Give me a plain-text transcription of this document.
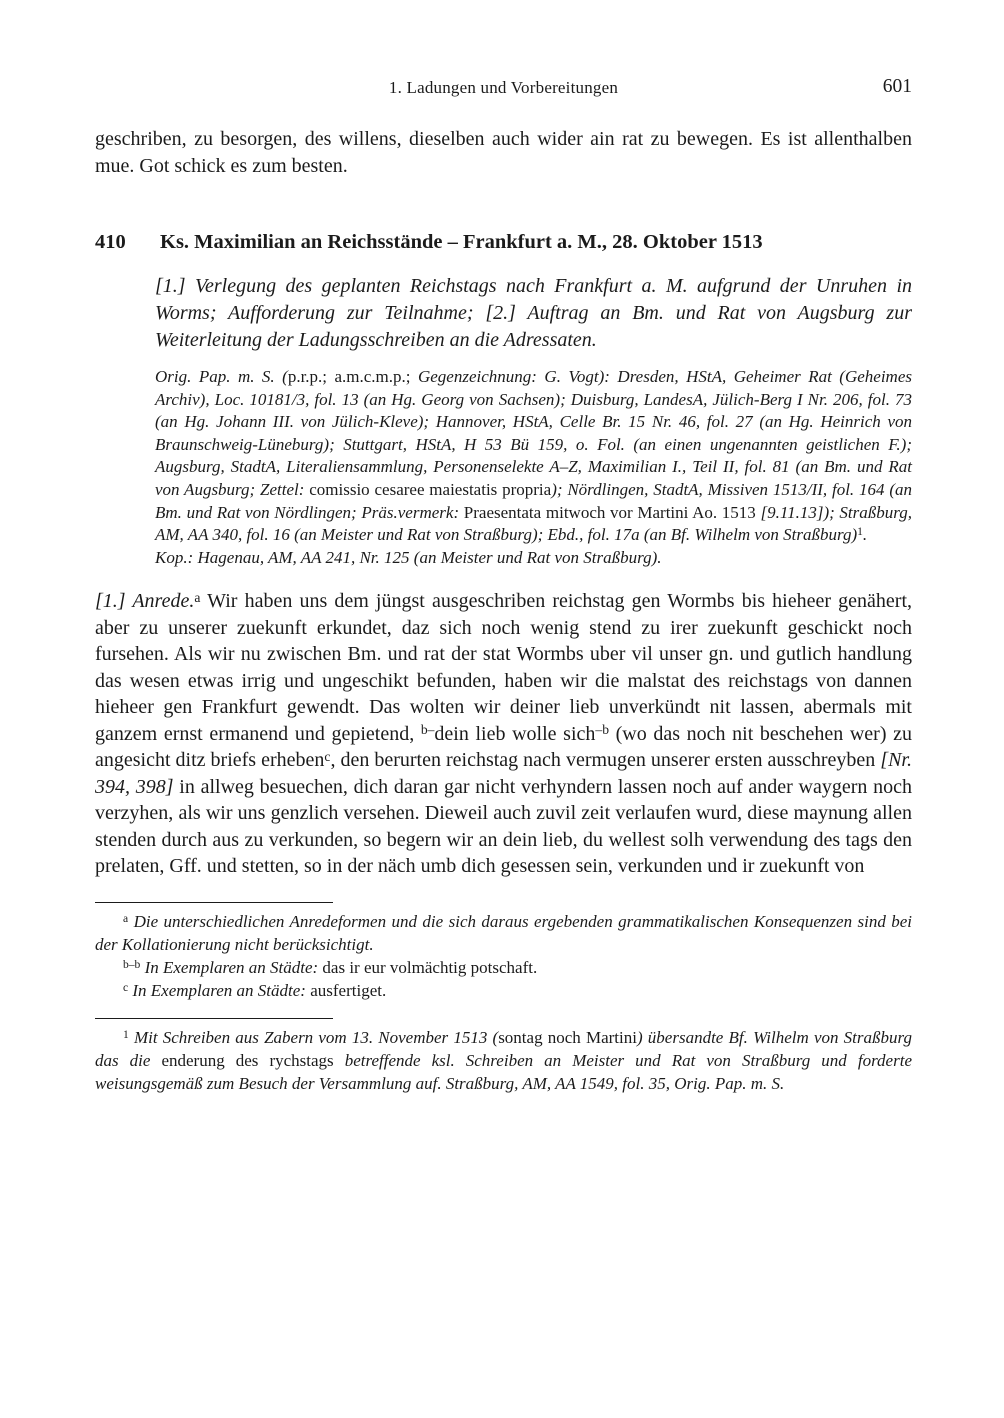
1. Ladungen und Vorbereitungen	601

geschriben, zu besorgen, des willens, dieselben auch wider ain rat zu bewegen. Es ist allenthalben mue. Got schick es zum besten.

410	Ks. Maximilian an Reichsstände – Frankfurt a. M., 28. Oktober 1513

[1.] Verlegung des geplanten Reichstags nach Frankfurt a. M. aufgrund der Unruhen in Worms; Aufforderung zur Teilnahme; [2.] Auftrag an Bm. und Rat von Augsburg zur Weiterleitung der Ladungsschreiben an die Adressaten.

Orig. Pap. m. S. (p.r.p.; a.m.c.m.p.; Gegenzeichnung: G. Vogt): Dresden, HStA, Geheimer Rat (Geheimes Archiv), Loc. 10181/3, fol. 13 (an Hg. Georg von Sachsen); Duisburg, LandesA, Jülich-Berg I Nr. 206, fol. 73 (an Hg. Johann III. von Jülich-Kleve); Hannover, HStA, Celle Br. 15 Nr. 46, fol. 27 (an Hg. Heinrich von Braunschweig-Lüneburg); Stuttgart, HStA, H 53 Bü 159, o. Fol. (an einen ungenannten geistlichen F.); Augsburg, StadtA, Literaliensammlung, Personenselekte A–Z, Maximilian I., Teil II, fol. 81 (an Bm. und Rat von Augsburg; Zettel: comissio cesaree maiestatis propria); Nördlingen, StadtA, Missiven 1513/II, fol. 164 (an Bm. und Rat von Nördlingen; Präs.vermerk: Praesentata mitwoch vor Martini Ao. 1513 [9.11.13]); Straßburg, AM, AA 340, fol. 16 (an Meister und Rat von Straßburg); Ebd., fol. 17a (an Bf. Wilhelm von Straßburg)$^1$.

Kop.: Hagenau, AM, AA 241, Nr. 125 (an Meister und Rat von Straßburg).

[1.] Anrede.$^a$ Wir haben uns dem jüngst ausgeschriben reichstag gen Wormbs bis hieheer genähert, aber zu unserer zuekunft erkundet, daz sich noch wenig stend zu irer zuekunft geschickt noch fursehen. Als wir nu zwischen Bm. und rat der stat Wormbs uber vil unser gn. und gutlich handlung das wesen etwas irrig und ungeschikt befunden, haben wir die malstat des reichstags von dannen hieheer gen Frankfurt gewendt. Das wolten wir deiner lieb unverkündt nit lassen, abermals mit ganzem ernst ermanend und gepietend, $^{b-}$dein lieb wolle sich$^{-b}$ (wo das noch nit beschehen wer) zu angesicht ditz briefs erheben$^c$, den berurten reichstag nach vermugen unserer ersten ausschreyben [Nr. 394, 398] in allweg besuechen, dich daran gar nicht verhyndern lassen noch auf ander waygern noch verzyhen, als wir uns genzlich versehen. Dieweil auch zuvil zeit verlaufen wurd, diese maynung allen stenden durch aus zu verkunden, so begern wir an dein lieb, du wellest solh verwendung des tags den prelaten, Gff. und stetten, so in der näch umb dich gesessen sein, verkunden und ir zuekunft von

$^a$ Die unterschiedlichen Anredeformen und die sich daraus ergebenden grammatikalischen Konsequenzen sind bei der Kollationierung nicht berücksichtigt.

$^{b-b}$ In Exemplaren an Städte: das ir eur volmächtig potschaft.

$^c$ In Exemplaren an Städte: ausfertiget.

$^1$ Mit Schreiben aus Zabern vom 13. November 1513 (sontag noch Martini) übersandte Bf. Wilhelm von Straßburg das die enderung des rychstags betreffende ksl. Schreiben an Meister und Rat von Straßburg und forderte weisungsgemäß zum Besuch der Versammlung auf. Straßburg, AM, AA 1549, fol. 35, Orig. Pap. m. S.
